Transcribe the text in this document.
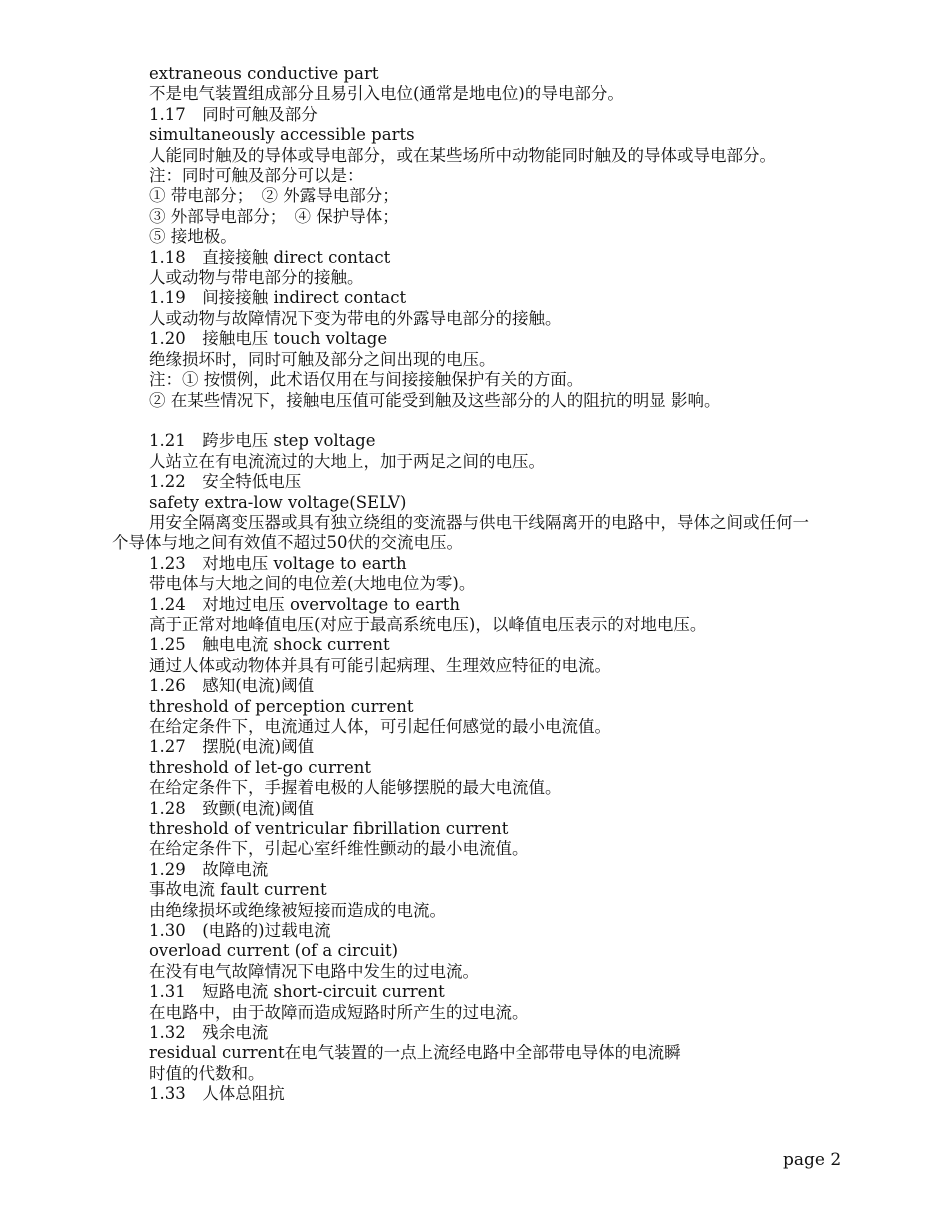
extraneous conductive part
不是电气装置组成部分且易引入电位(通常是地电位)的导电部分。
1.17　同时可触及部分
simultaneously accessible parts
人能同时触及的导体或导电部分，或在某些场所中动物能同时触及的导体或导电部分。
注：同时可触及部分可以是：
① 带电部分；　② 外露导电部分；
③ 外部导电部分；　④ 保护导体；
⑤ 接地极。
1.18　直接接触 direct contact
人或动物与带电部分的接触。
1.19　间接接触 indirect contact
人或动物与故障情况下变为带电的外露导电部分的接触。
1.20　接触电压 touch voltage
绝缘损坏时，同时可触及部分之间出现的电压。
注：① 按惯例，此术语仅用在与间接接触保护有关的方面。
② 在某些情况下，接触电压值可能受到触及这些部分的人的阻抗的明显 影响。
1.21　跨步电压 step voltage
人站立在有电流流过的大地上，加于两足之间的电压。
1.22　安全特低电压
safety extra-low voltage(SELV)
用安全隔离变压器或具有独立绕组的变流器与供电干线隔离开的电路中，导体之间或任何一个导体与地之间有效值不超过50伏的交流电压。
1.23　对地电压 voltage to earth
带电体与大地之间的电位差(大地电位为零)。
1.24　对地过电压 overvoltage to earth
高于正常对地峰值电压(对应于最高系统电压)，以峰值电压表示的对地电压。
1.25　触电电流 shock current
通过人体或动物体并具有可能引起病理、生理效应特征的电流。
1.26　感知(电流)阈值
threshold of perception current
在给定条件下，电流通过人体，可引起任何感觉的最小电流值。
1.27　摆脱(电流)阈值
threshold of let-go current
在给定条件下，手握着电极的人能够摆脱的最大电流值。
1.28　致颤(电流)阈值
threshold of ventricular fibrillation current
在给定条件下，引起心室纤维性颤动的最小电流值。
1.29　故障电流
事故电流 fault current
由绝缘损坏或绝缘被短接而造成的电流。
1.30　(电路的)过载电流
overload current (of a circuit)
在没有电气故障情况下电路中发生的过电流。
1.31　短路电流 short-circuit current
在电路中，由于故障而造成短路时所产生的过电流。
1.32　残余电流
residual current在电气装置的一点上流经电路中全部带电导体的电流瞬
时值的代数和。
1.33　人体总阻抗
page 2
